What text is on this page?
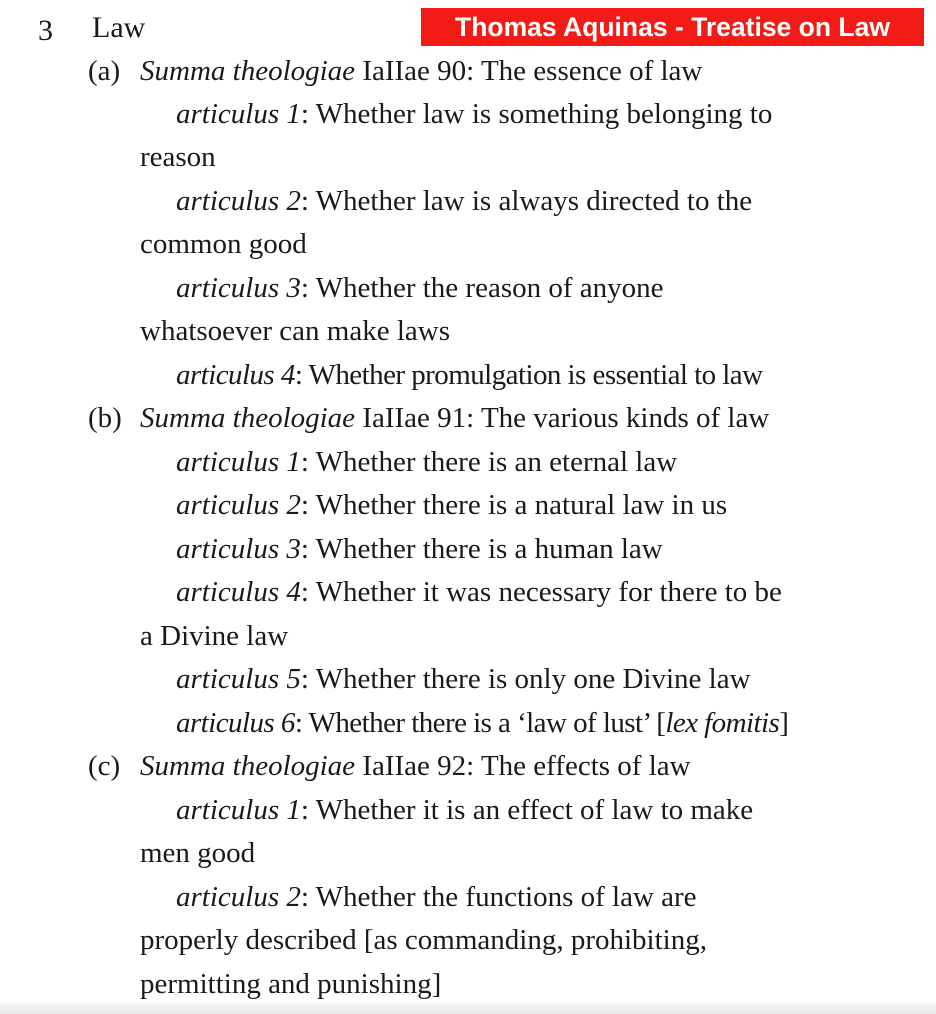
Thomas Aquinas - Treatise on Law
3 Law
(a) Summa theologiae IaIIae 90: The essence of law
articulus 1: Whether law is something belonging to
reason
articulus 2: Whether law is always directed to the
common good
articulus 3: Whether the reason of anyone
whatsoever can make laws
articulus 4: Whether promulgation is essential to law
(b) Summa theologiae IaIIae 91: The various kinds of law
articulus 1: Whether there is an eternal law
articulus 2: Whether there is a natural law in us
articulus 3: Whether there is a human law
articulus 4: Whether it was necessary for there to be
a Divine law
articulus 5: Whether there is only one Divine law
articulus 6: Whether there is a ‘law of lust’ [lex fomitis]
(c) Summa theologiae IaIIae 92: The effects of law
articulus 1: Whether it is an effect of law to make
men good
articulus 2: Whether the functions of law are
properly described [as commanding, prohibiting,
permitting and punishing]
